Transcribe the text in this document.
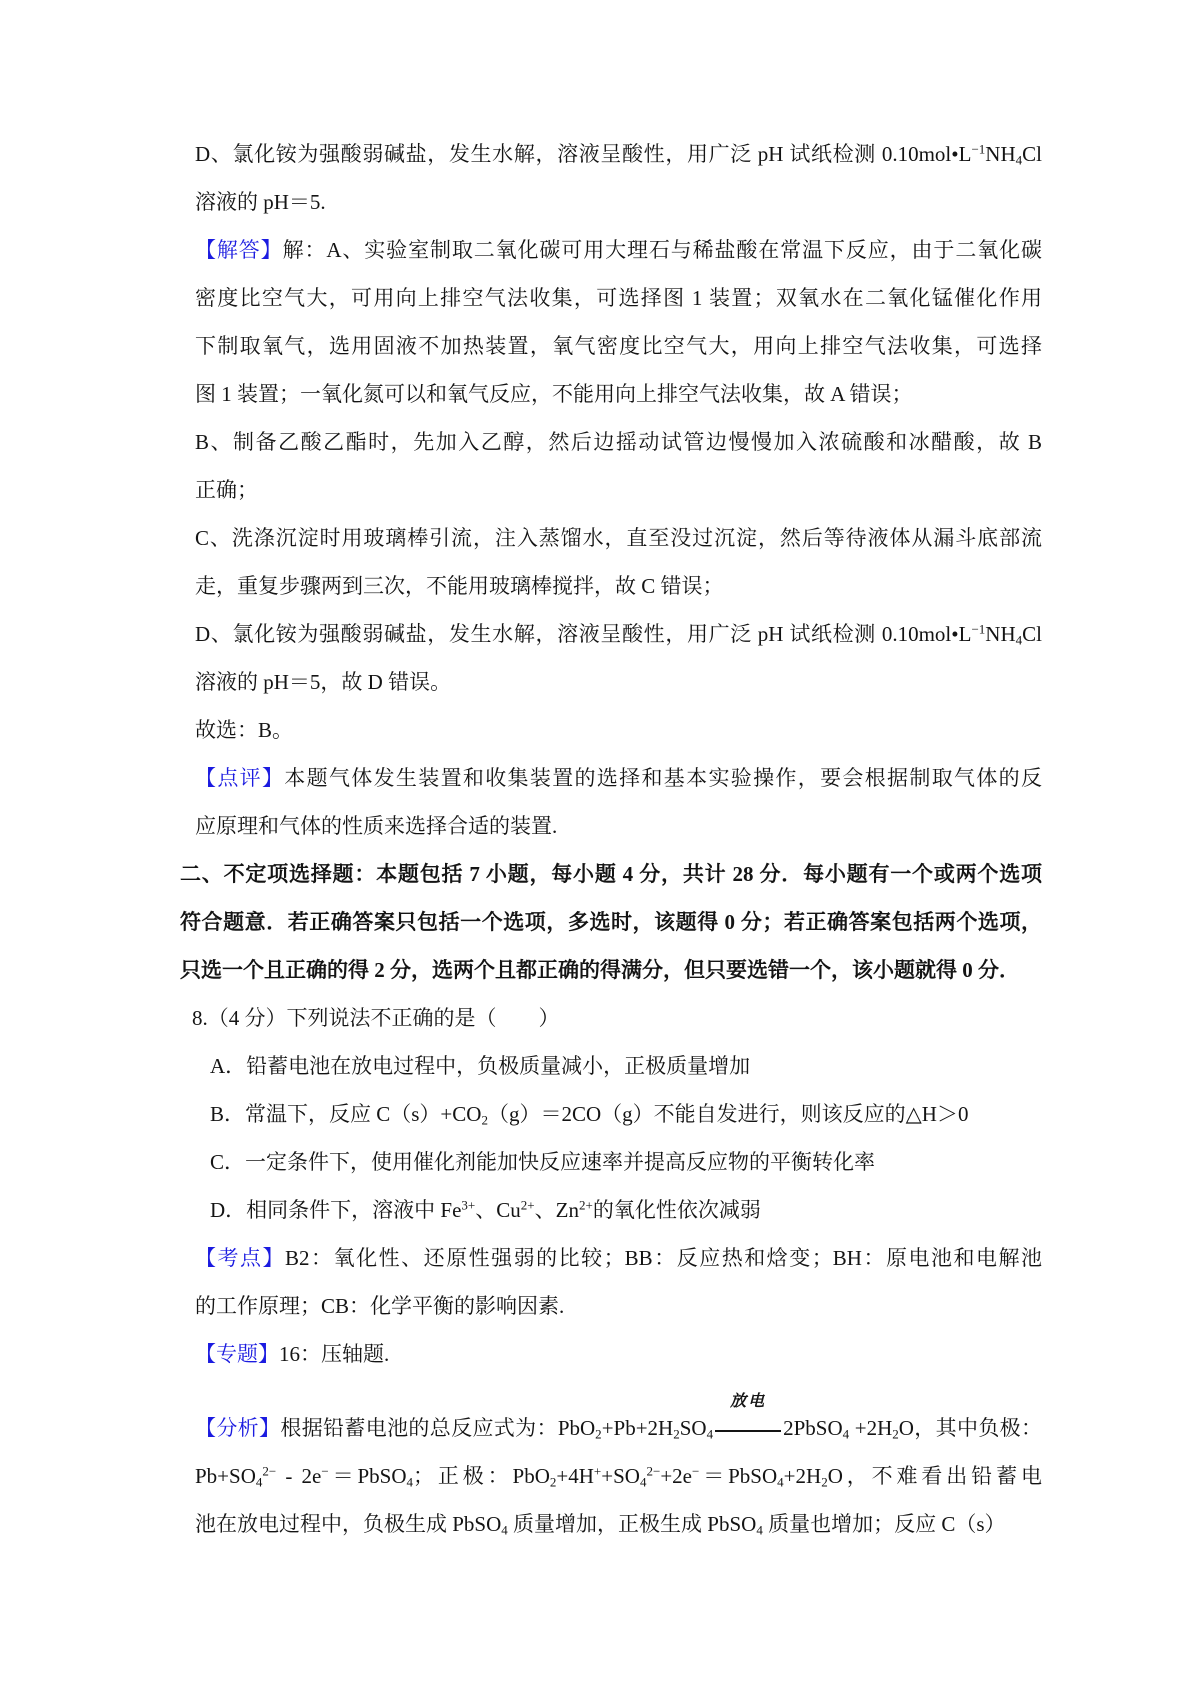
D、氯化铵为强酸弱碱盐，发生水解，溶液呈酸性，用广泛 pH 试纸检测 $0.10mol•L^{-1}NH_4Cl$
溶液的 pH＝5.
【解答】解：A、实验室制取二氧化碳可用大理石与稀盐酸在常温下反应，由于二氧化碳
密度比空气大，可用向上排空气法收集，可选择图 1 装置；双氧水在二氧化锰催化作用
下制取氧气，选用固液不加热装置，氧气密度比空气大，用向上排空气法收集，可选择
图 1 装置；一氧化氮可以和氧气反应，不能用向上排空气法收集，故 A 错误；
B、制备乙酸乙酯时，先加入乙醇，然后边摇动试管边慢慢加入浓硫酸和冰醋酸，故 B
正确；
C、洗涤沉淀时用玻璃棒引流，注入蒸馏水，直至没过沉淀，然后等待液体从漏斗底部流
走，重复步骤两到三次，不能用玻璃棒搅拌，故 C 错误；
D、氯化铵为强酸弱碱盐，发生水解，溶液呈酸性，用广泛 pH 试纸检测 $0.10mol•L^{-1}NH_4Cl$
溶液的 pH＝5，故 D 错误。
故选：B。
【点评】本题气体发生装置和收集装置的选择和基本实验操作，要会根据制取气体的反
应原理和气体的性质来选择合适的装置.
二、不定项选择题：本题包括 7 小题，每小题 4 分，共计 28 分．每小题有一个或两个选项
符合题意．若正确答案只包括一个选项，多选时，该题得 0 分；若正确答案包括两个选项，
只选一个且正确的得 2 分，选两个且都正确的得满分，但只要选错一个，该小题就得 0 分．
8.（4 分）下列说法不正确的是（　　）
A．铅蓄电池在放电过程中，负极质量减小，正极质量增加
B．常温下，反应 $C(s)+CO_2(g)=2CO(g)$不能自发进行，则该反应的△H＞0
C．一定条件下，使用催化剂能加快反应速率并提高反应物的平衡转化率
D．相同条件下，溶液中 $Fe^{3+}$、$Cu^{2+}$、$Zn^{2+}$的氧化性依次减弱
【考点】B2：氧化性、还原性强弱的比较；BB：反应热和焓变；BH：原电池和电解池
的工作原理；CB：化学平衡的影响因素.
【专题】16：压轴题.
【分析】根据铅蓄电池的总反应式为：$PbO_2+Pb+2H_2SO_4$
放电
2PbSO$_4$ $+2H_2O$，其中负极：
$Pb+SO_4^{2-}$ - 2e−＝PbSO$_4$；正极：$PbO_2+4H^++SO_4^{2-}+2e^-=PbSO_4+2H_2O$，不难看出铅蓄电
池在放电过程中，负极生成 PbSO$_4$ 质量增加，正极生成 PbSO$_4$ 质量也增加；反应 C（s）
